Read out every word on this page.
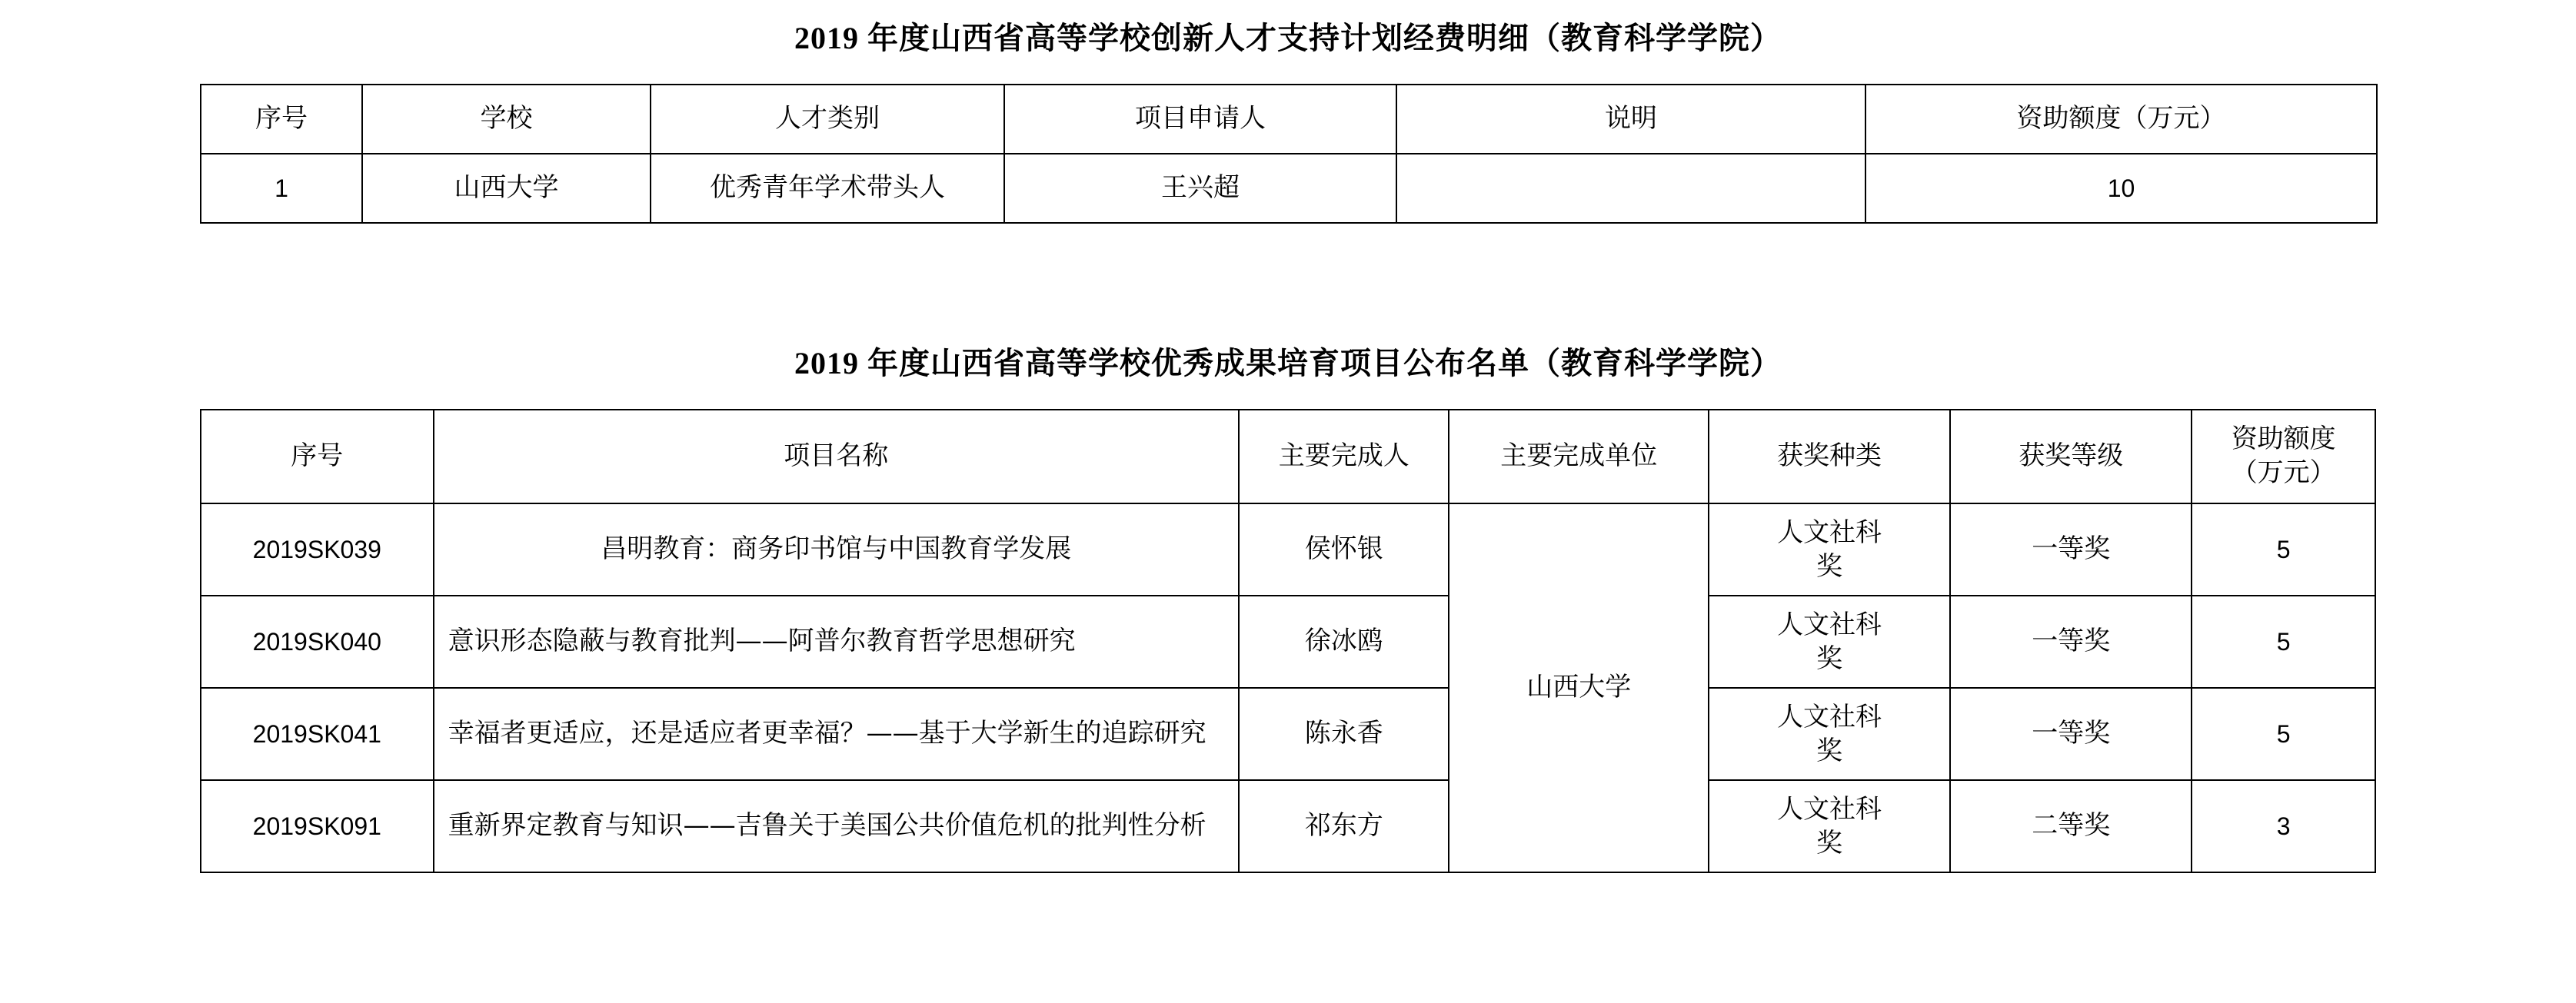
2019 年度山西省高等学校创新人才支持计划经费明细（教育科学学院）
序号	学校	人才类别	项目申请人	说明	资助额度（万元）
1	山西大学	优秀青年学术带头人	王兴超		10
2019 年度山西省高等学校优秀成果培育项目公布名单（教育科学学院）
序号	项目名称	主要完成人	主要完成单位	获奖种类	获奖等级	资助额度
（万元）

2019SK039	昌明教育：商务印书馆与中国教育学发展	侯怀银	山西大学	人文社科
奖	一等奖	5
2019SK040	意识形态隐蔽与教育批判——阿普尔教育哲学思想研究	徐冰鸥		人文社科
奖	一等奖	5
2019SK041	幸福者更适应，还是适应者更幸福？——基于大学新生的追踪研究	陈永香		人文社科
奖	一等奖	5
2019SK091	重新界定教育与知识——吉鲁关于美国公共价值危机的批判性分析	祁东方		人文社科
奖	二等奖	3
